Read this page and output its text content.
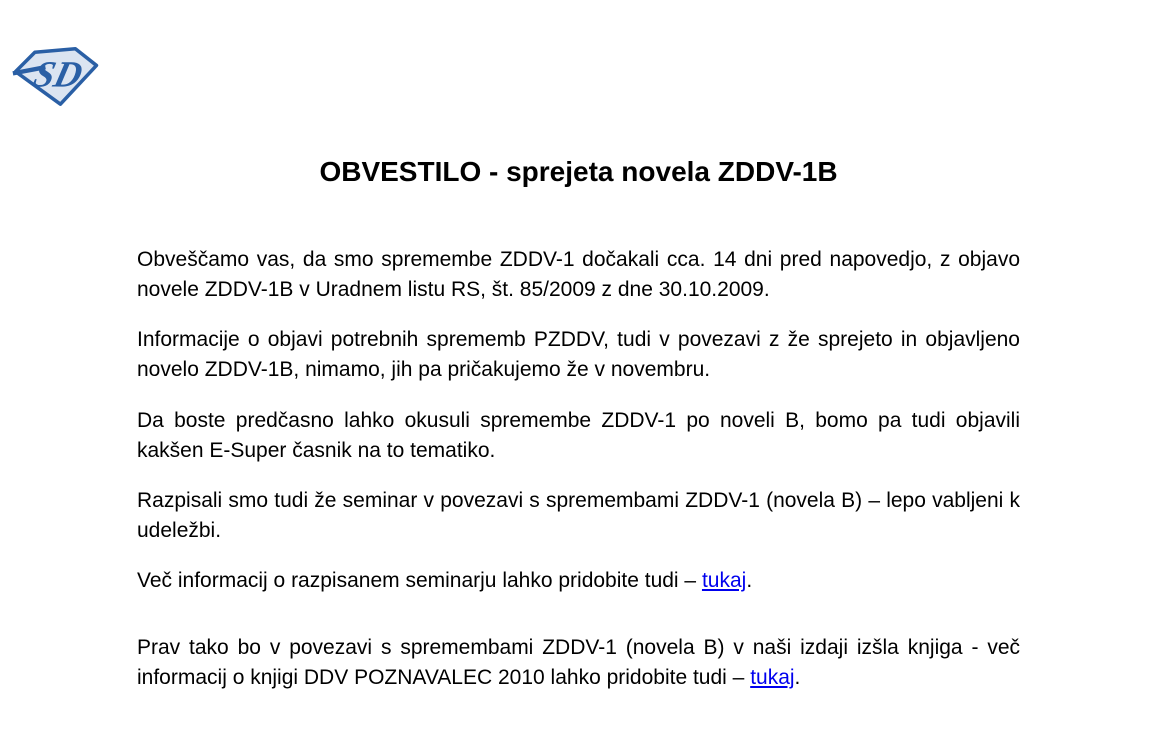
SD
OBVESTILO - sprejeta novela ZDDV-1B
Obveščamo vas, da smo spremembe ZDDV-1 dočakali cca. 14 dni pred napovedjo, z objavo novele ZDDV-1B v Uradnem listu RS, št. 85/2009 z dne 30.10.2009.
Informacije o objavi potrebnih sprememb PZDDV, tudi v povezavi z že sprejeto in objavljeno novelo ZDDV-1B, nimamo, jih pa pričakujemo že v novembru.
Da boste predčasno lahko okusuli spremembe ZDDV-1 po noveli B, bomo pa tudi objavili kakšen E-Super časnik na to tematiko.
Razpisali smo tudi že seminar v povezavi s spremembami ZDDV-1 (novela B) – lepo vabljeni k udeležbi.
Več informacij o razpisanem seminarju lahko pridobite tudi – tukaj.
Prav tako bo v povezavi s spremembami ZDDV-1 (novela B) v naši izdaji izšla knjiga - več informacij o knjigi DDV POZNAVALEC 2010 lahko pridobite tudi – tukaj.
